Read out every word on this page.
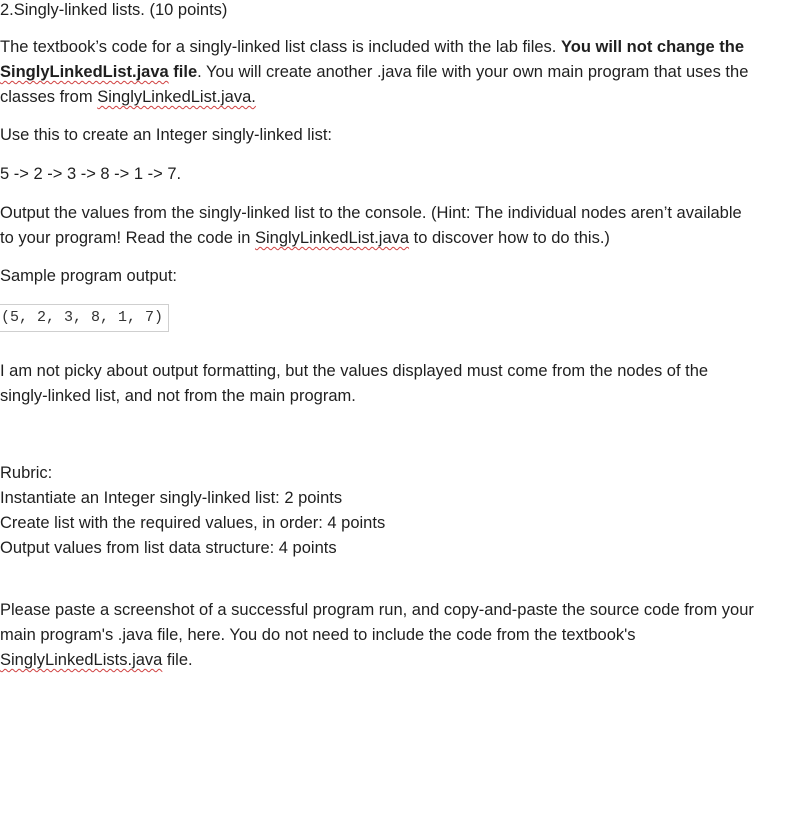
2.Singly-linked lists. (10 points)
The textbook’s code for a singly-linked list class is included with the lab files. You will not change the
SinglyLinkedList.java file. You will create another .java file with your own main program that uses the
classes from SinglyLinkedList.java.
Use this to create an Integer singly-linked list:
5 -> 2 -> 3 -> 8 -> 1 -> 7.
Output the values from the singly-linked list to the console. (Hint: The individual nodes aren’t available
to your program! Read the code in SinglyLinkedList.java to discover how to do this.)
Sample program output:
(5, 2, 3, 8, 1, 7)
I am not picky about output formatting, but the values displayed must come from the nodes of the
singly-linked list, and not from the main program.
Rubric:
Instantiate an Integer singly-linked list: 2 points
Create list with the required values, in order: 4 points
Output values from list data structure: 4 points
Please paste a screenshot of a successful program run, and copy-and-paste the source code from your
main program's .java file, here. You do not need to include the code from the textbook's
SinglyLinkedLists.java file.
